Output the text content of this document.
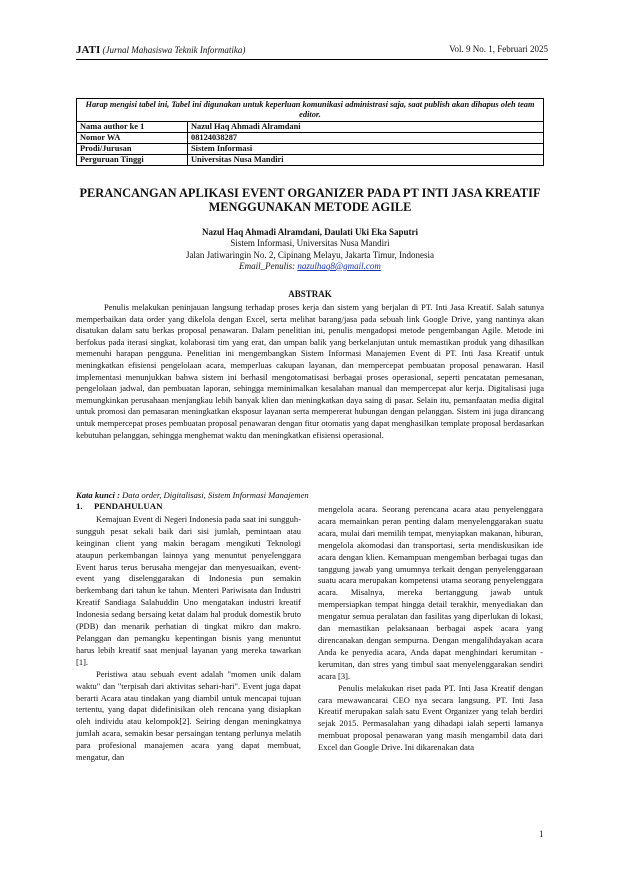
JATI (Jurnal Mahasiswa Teknik Informatika)	Vol. 9 No. 1, Februari 2025
Harap mengisi tabel ini, Tabel ini digunakan untuk keperluan komunikasi administrasi saja, saat publish akan dihapus oleh team editor.	
Nama author ke 1	Nazul Haq Ahmadi Alramdani
Nomor WA	08124038287
Prodi/Jurusan	Sistem Informasi
Perguruan Tinggi	Universitas Nusa Mandiri
PERANCANGAN APLIKASI EVENT ORGANIZER PADA PT INTI JASA KREATIF MENGGUNAKAN METODE AGILE
Nazul Haq Ahmadi Alramdani, Daulati Uki Eka Saputri
Sistem Informasi, Universitas Nusa Mandiri
Jalan Jatiwaringin No. 2, Cipinang Melayu, Jakarta Timur, Indonesia
Email_Penulis: nazulhaq8@gmail.com
ABSTRAK

Penulis melakukan peninjauan langsung terhadap proses kerja dan sistem yang berjalan di PT. Inti Jasa Kreatif. Salah satunya memperbaikan data order yang dikelola dengan Excel, serta melihat barang/jasa pada sebuah link Google Drive, yang nantinya akan disatukan dalam satu berkas proposal penawaran. Dalam penelitian ini, penulis mengadopsi metode pengembangan Agile. Metode ini berfokus pada iterasi singkat, kolaborasi tim yang erat, dan umpan balik yang berkelanjutan untuk memastikan produk yang dihasilkan memenuhi harapan pengguna. Penelitian ini mengembangkan Sistem Informasi Manajemen Event di PT. Inti Jasa Kreatif untuk meningkatkan efisiensi pengelolaan acara, memperluas cakupan layanan, dan mempercepat pembuatan proposal penawaran. Hasil implementasi menunjukkan bahwa sistem ini berhasil mengotomatisasi berbagai proses operasional, seperti pencatatan pemesanan, pengelolaan jadwal, dan pembuatan laporan, sehingga meminimalkan kesalahan manual dan mempercepat alur kerja. Digitalisasi juga memungkinkan perusahaan menjangkau lebih banyak klien dan meningkatkan daya saing di pasar. Selain itu, pemanfaatan media digital untuk promosi dan pemasaran meningkatkan eksposur layanan serta mempererat hubungan dengan pelanggan. Sistem ini juga dirancang untuk mempercepat proses pembuatan proposal penawaran dengan fitur otomatis yang dapat menghasilkan template proposal berdasarkan kebutuhan pelanggan, sehingga menghemat waktu dan meningkatkan efisiensi operasional.

Kata kunci : Data order, Digitalisasi, Sistem Informasi Manajemen
1. PENDAHULUAN

Kemajuan Event di Negeri Indonesia pada saat ini sungguh-sungguh pesat sekali baik dari sisi jumlah, pemintaan atau keinginan client yang makin beragam mengikuti Teknologi ataupun perkembangan lainnya yang menuntut penyelenggara Event harus terus berusaha mengejar dan menyesuaikan, event-event yang diselenggarakan di Indonesia pun semakin berkembang dari tahun ke tahun. Menteri Pariwisata dan Industri Kreatif Sandiaga Salahuddin Uno mengatakan industri kreatif Indonesia sedang bersaing ketat dalam hal produk domestik bruto (PDB) dan menarik perhatian di tingkat mikro dan makro. Pelanggan dan pemangku kepentingan bisnis yang menuntut harus lebih kreatif saat menjual layanan yang mereka tawarkan [1].

Peristiwa atau sebuah event adalah "momen unik dalam waktu" dan "terpisah dari aktivitas sehari-hari". Event juga dapat berarti Acara atau tindakan yang diambil untuk mencapai tujuan tertentu, yang dapat didefinisikan oleh rencana yang disiapkan oleh individu atau kelompok[2]. Seiring dengan meningkatnya jumlah acara, semakin besar persaingan tentang perlunya melatih para profesional manajemen acara yang dapat membuat, mengatur, dan

mengelola acara. Seorang perencana acara atau penyelenggara acara memainkan peran penting dalam menyelenggarakan suatu acara, mulai dari memilih tempat, menyiapkan makanan, hiburan, mengelola akomodasi dan transportasi, serta mendiskusikan ide acara dengan klien. Kemampuan mengemban berbagai tugas dan tanggung jawab yang umumnya terkait dengan penyelenggaraan suatu acara merupakan kompetensi utama seorang penyelenggara acara. Misalnya, mereka bertanggung jawab untuk mempersiapkan tempat hingga detail terakhir, menyediakan dan mengatur semua peralatan dan fasilitas yang diperlukan di lokasi, dan memastikan pelaksanaan berbagai aspek acara yang direncanakan dengan sempurna. Dengan mengalihdayakan acara Anda ke penyedia acara, Anda dapat menghindari kerumitan - kerumitan, dan stres yang timbul saat menyelenggarakan sendiri acara [3].

Penulis melakukan riset pada PT. Inti Jasa Kreatif dengan cara mewawancarai CEO nya secara langsung. PT. Inti Jasa Kreatif merupakan salah satu Event Organizer yang telah berdiri sejak 2015. Permasalahan yang dihadapi ialah seperti lamanya membuat proposal penawaran yang masih mengambil data dari Excel dan Google Drive. Ini dikarenakan data

1
